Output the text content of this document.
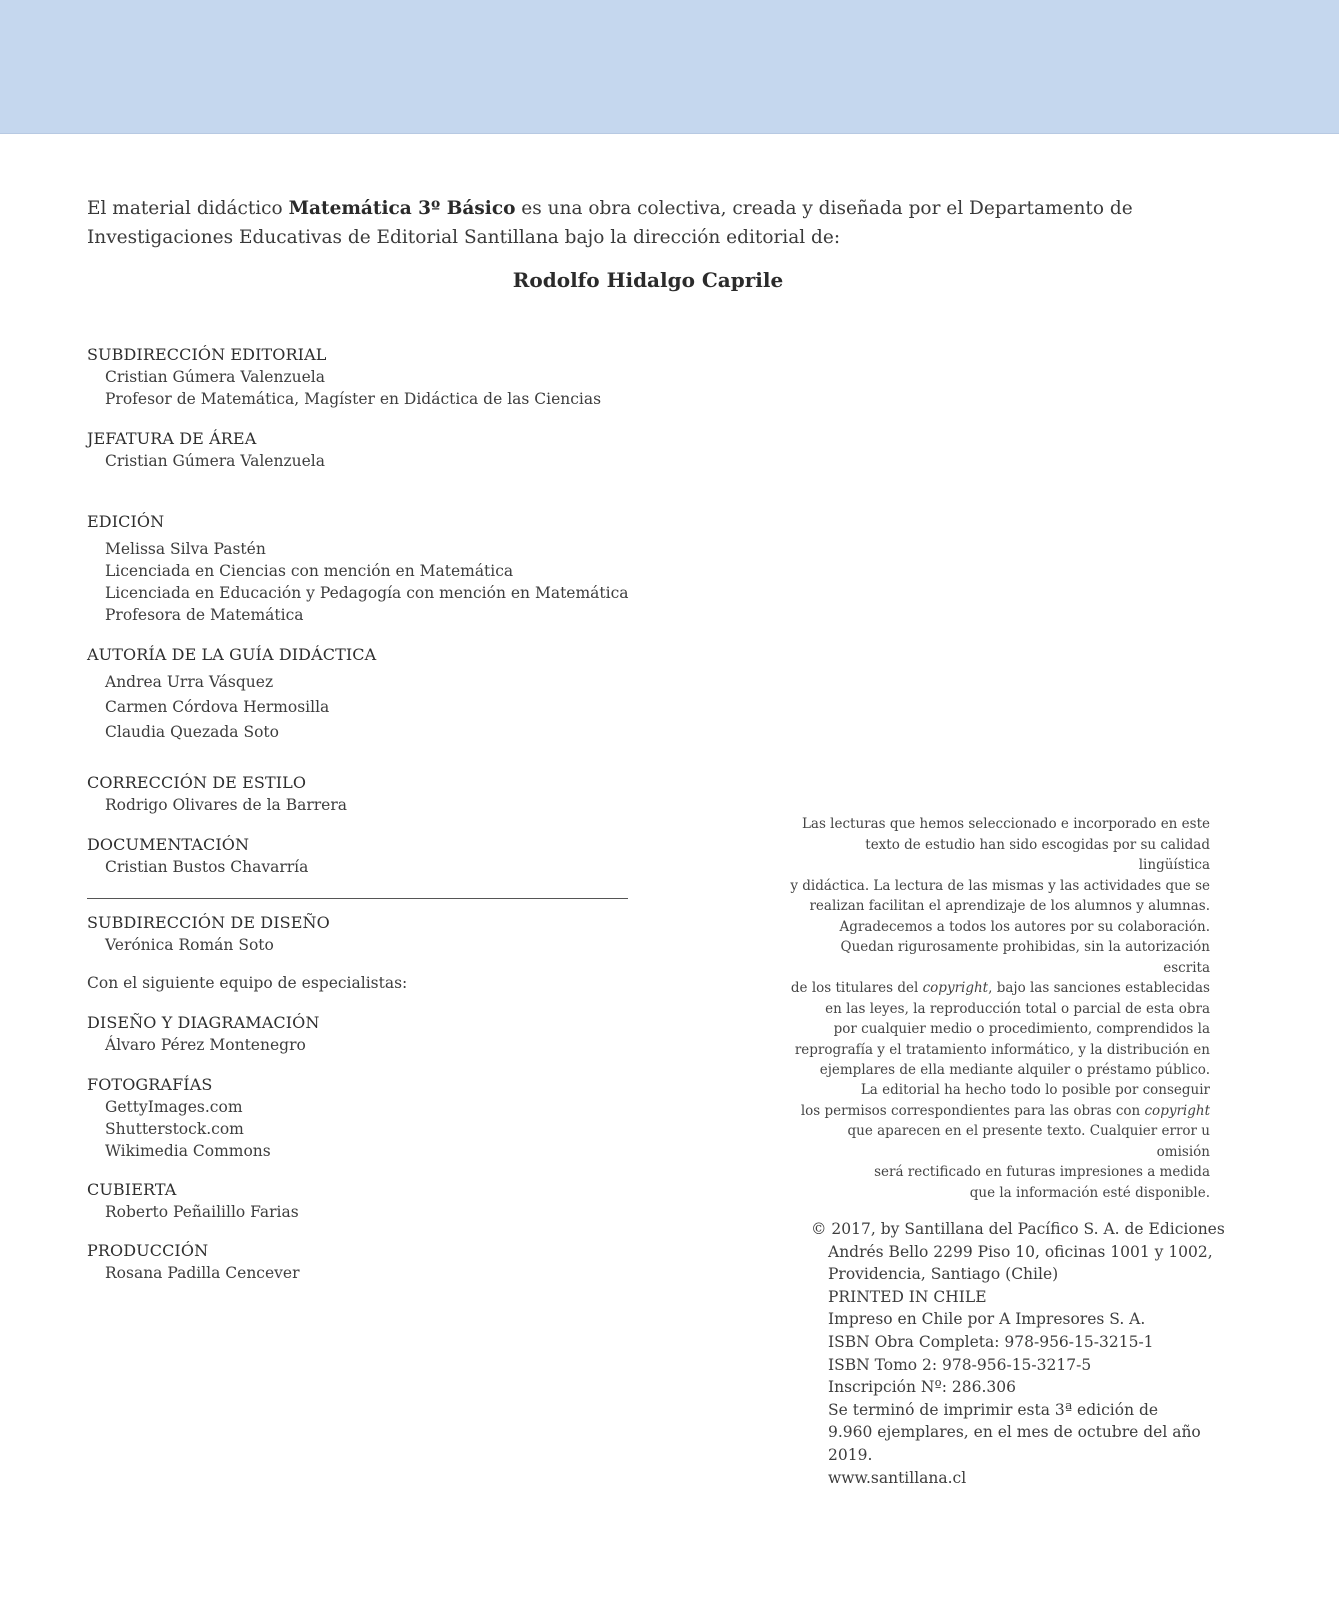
El material didáctico Matemática 3º Básico es una obra colectiva, creada y diseñada por el Departamento de Investigaciones Educativas de Editorial Santillana bajo la dirección editorial de:
Rodolfo Hidalgo Caprile
SUBDIRECCIÓN EDITORIAL
Cristian Gúmera Valenzuela
Profesor de Matemática, Magíster en Didáctica de las Ciencias
JEFATURA DE ÁREA
Cristian Gúmera Valenzuela
EDICIÓN
Melissa Silva Pastén
Licenciada en Ciencias con mención en Matemática
Licenciada en Educación y Pedagogía con mención en Matemática
Profesora de Matemática
AUTORÍA DE LA GUÍA DIDÁCTICA
Andrea Urra Vásquez
Carmen Córdova Hermosilla
Claudia Quezada Soto
CORRECCIÓN DE ESTILO
Rodrigo Olivares de la Barrera
DOCUMENTACIÓN
Cristian Bustos Chavarría
SUBDIRECCIÓN DE DISEÑO
Verónica Román Soto
Con el siguiente equipo de especialistas:
DISEÑO Y DIAGRAMACIÓN
Álvaro Pérez Montenegro
FOTOGRAFÍAS
GettyImages.com
Shutterstock.com
Wikimedia Commons
CUBIERTA
Roberto Peñailillo Farias
PRODUCCIÓN
Rosana Padilla Cencever
Las lecturas que hemos seleccionado e incorporado en este
texto de estudio han sido escogidas por su calidad lingüística
y didáctica. La lectura de las mismas y las actividades que se
realizan facilitan el aprendizaje de los alumnos y alumnas.
Agradecemos a todos los autores por su colaboración.
Quedan rigurosamente prohibidas, sin la autorización escrita
de los titulares del copyright, bajo las sanciones establecidas
en las leyes, la reproducción total o parcial de esta obra
por cualquier medio o procedimiento, comprendidos la
reprografía y el tratamiento informático, y la distribución en
ejemplares de ella mediante alquiler o préstamo público.
La editorial ha hecho todo lo posible por conseguir
los permisos correspondientes para las obras con copyright
que aparecen en el presente texto. Cualquier error u omisión
será rectificado en futuras impresiones a medida
que la información esté disponible.
© 2017, by Santillana del Pacífico S. A. de Ediciones
Andrés Bello 2299 Piso 10, oficinas 1001 y 1002,
Providencia, Santiago (Chile)
PRINTED IN CHILE
Impreso en Chile por A Impresores S. A.
ISBN Obra Completa: 978-956-15-3215-1
ISBN Tomo 2: 978-956-15-3217-5
Inscripción Nº: 286.306
Se terminó de imprimir esta 3ª edición de
9.960 ejemplares, en el mes de octubre del año 2019.
www.santillana.cl
